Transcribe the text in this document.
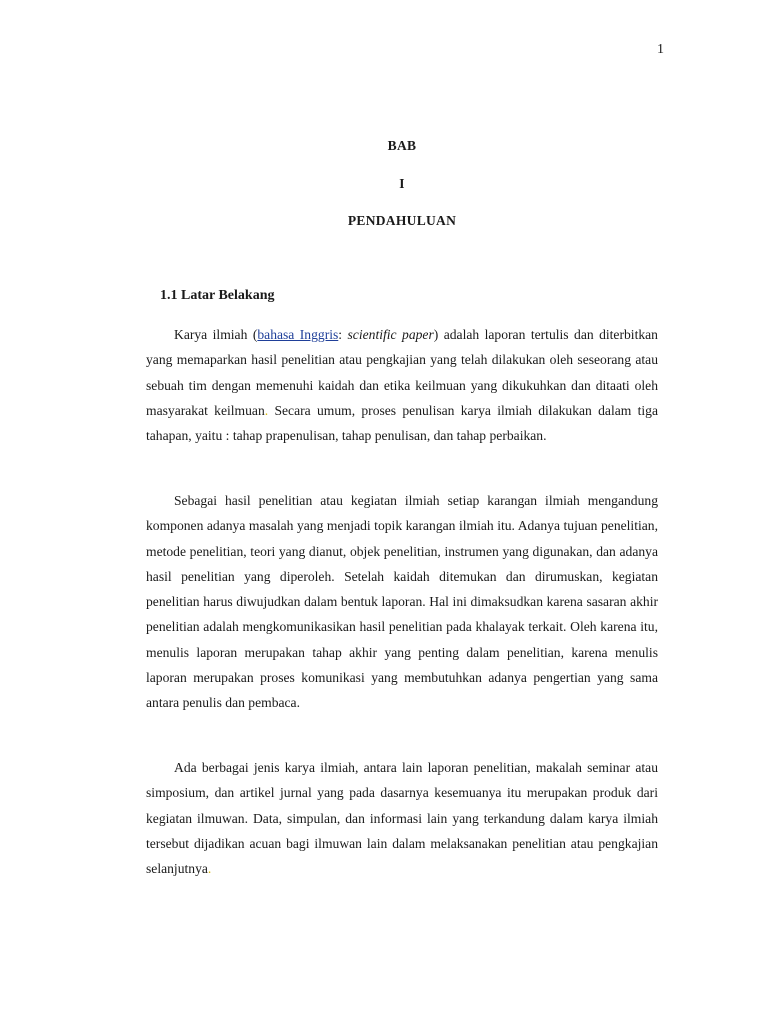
1
BAB
I
PENDAHULUAN
1.1 Latar Belakang

Karya ilmiah (bahasa Inggris: scientific paper) adalah laporan tertulis dan diterbitkan yang memaparkan hasil penelitian atau pengkajian yang telah dilakukan oleh seseorang atau sebuah tim dengan memenuhi kaidah dan etika keilmuan yang dikukuhkan dan ditaati oleh masyarakat keilmuan. Secara umum, proses penulisan karya ilmiah dilakukan dalam tiga tahapan, yaitu : tahap prapenulisan, tahap penulisan, dan tahap perbaikan.

Sebagai hasil penelitian atau kegiatan ilmiah setiap karangan ilmiah mengandung komponen adanya masalah yang menjadi topik karangan ilmiah itu. Adanya tujuan penelitian, metode penelitian, teori yang dianut, objek penelitian, instrumen yang digunakan, dan adanya hasil penelitian yang diperoleh. Setelah kaidah ditemukan dan dirumuskan, kegiatan penelitian harus diwujudkan dalam bentuk laporan. Hal ini dimaksudkan karena sasaran akhir penelitian adalah mengkomunikasikan hasil penelitian pada khalayak terkait. Oleh karena itu, menulis laporan merupakan tahap akhir yang penting dalam penelitian, karena menulis laporan merupakan proses komunikasi yang membutuhkan adanya pengertian yang sama antara penulis dan pembaca.

Ada berbagai jenis karya ilmiah, antara lain laporan penelitian, makalah seminar atau simposium, dan artikel jurnal yang pada dasarnya kesemuanya itu merupakan produk dari kegiatan ilmuwan. Data, simpulan, dan informasi lain yang terkandung dalam karya ilmiah tersebut dijadikan acuan bagi ilmuwan lain dalam melaksanakan penelitian atau pengkajian selanjutnya.
